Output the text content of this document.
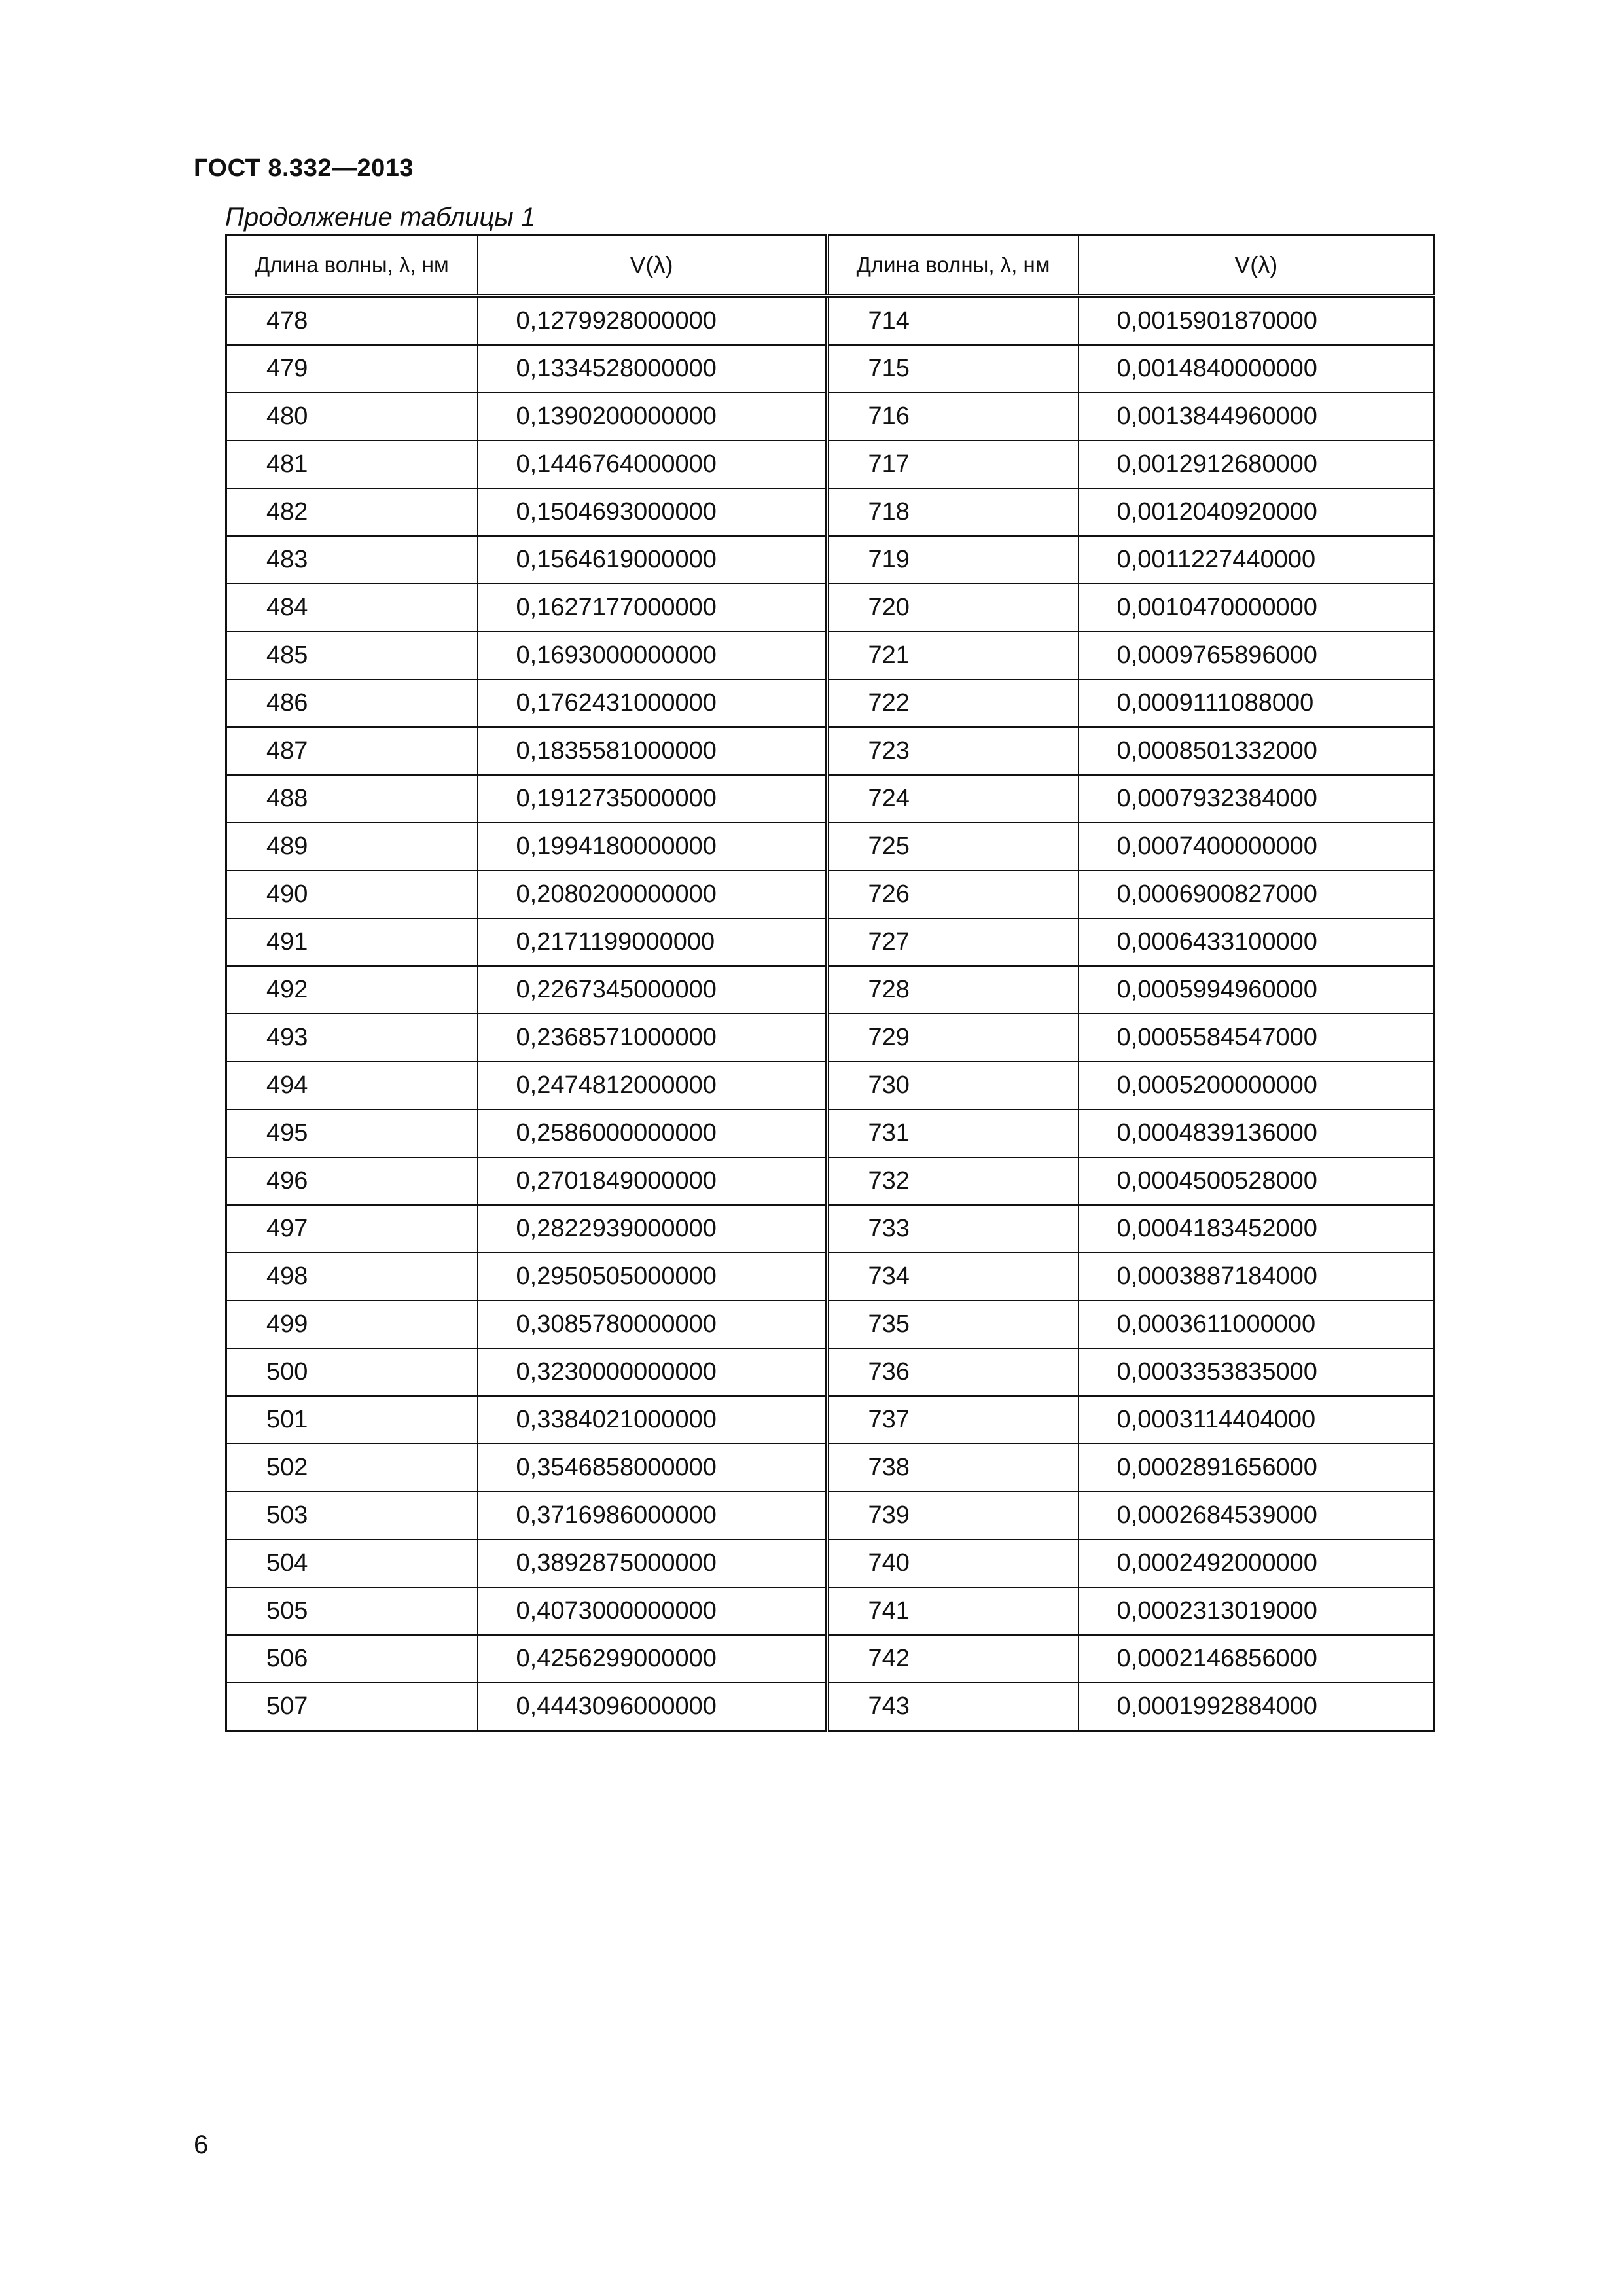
ГОСТ 8.332—2013
Продолжение таблицы 1
Длина волны, λ, нм	V(λ)	Длина волны, λ, нм	V(λ)
478	0,1279928000000	714	0,0015901870000
479	0,1334528000000	715	0,0014840000000
480	0,1390200000000	716	0,0013844960000
481	0,1446764000000	717	0,0012912680000
482	0,1504693000000	718	0,0012040920000
483	0,1564619000000	719	0,0011227440000
484	0,1627177000000	720	0,0010470000000
485	0,1693000000000	721	0,0009765896000
486	0,1762431000000	722	0,0009111088000
487	0,1835581000000	723	0,0008501332000
488	0,1912735000000	724	0,0007932384000
489	0,1994180000000	725	0,0007400000000
490	0,2080200000000	726	0,0006900827000
491	0,2171199000000	727	0,0006433100000
492	0,2267345000000	728	0,0005994960000
493	0,2368571000000	729	0,0005584547000
494	0,2474812000000	730	0,0005200000000
495	0,2586000000000	731	0,0004839136000
496	0,2701849000000	732	0,0004500528000
497	0,2822939000000	733	0,0004183452000
498	0,2950505000000	734	0,0003887184000
499	0,3085780000000	735	0,0003611000000
500	0,3230000000000	736	0,0003353835000
501	0,3384021000000	737	0,0003114404000
502	0,3546858000000	738	0,0002891656000
503	0,3716986000000	739	0,0002684539000
504	0,3892875000000	740	0,0002492000000
505	0,4073000000000	741	0,0002313019000
506	0,4256299000000	742	0,0002146856000
507	0,4443096000000	743	0,0001992884000
6
